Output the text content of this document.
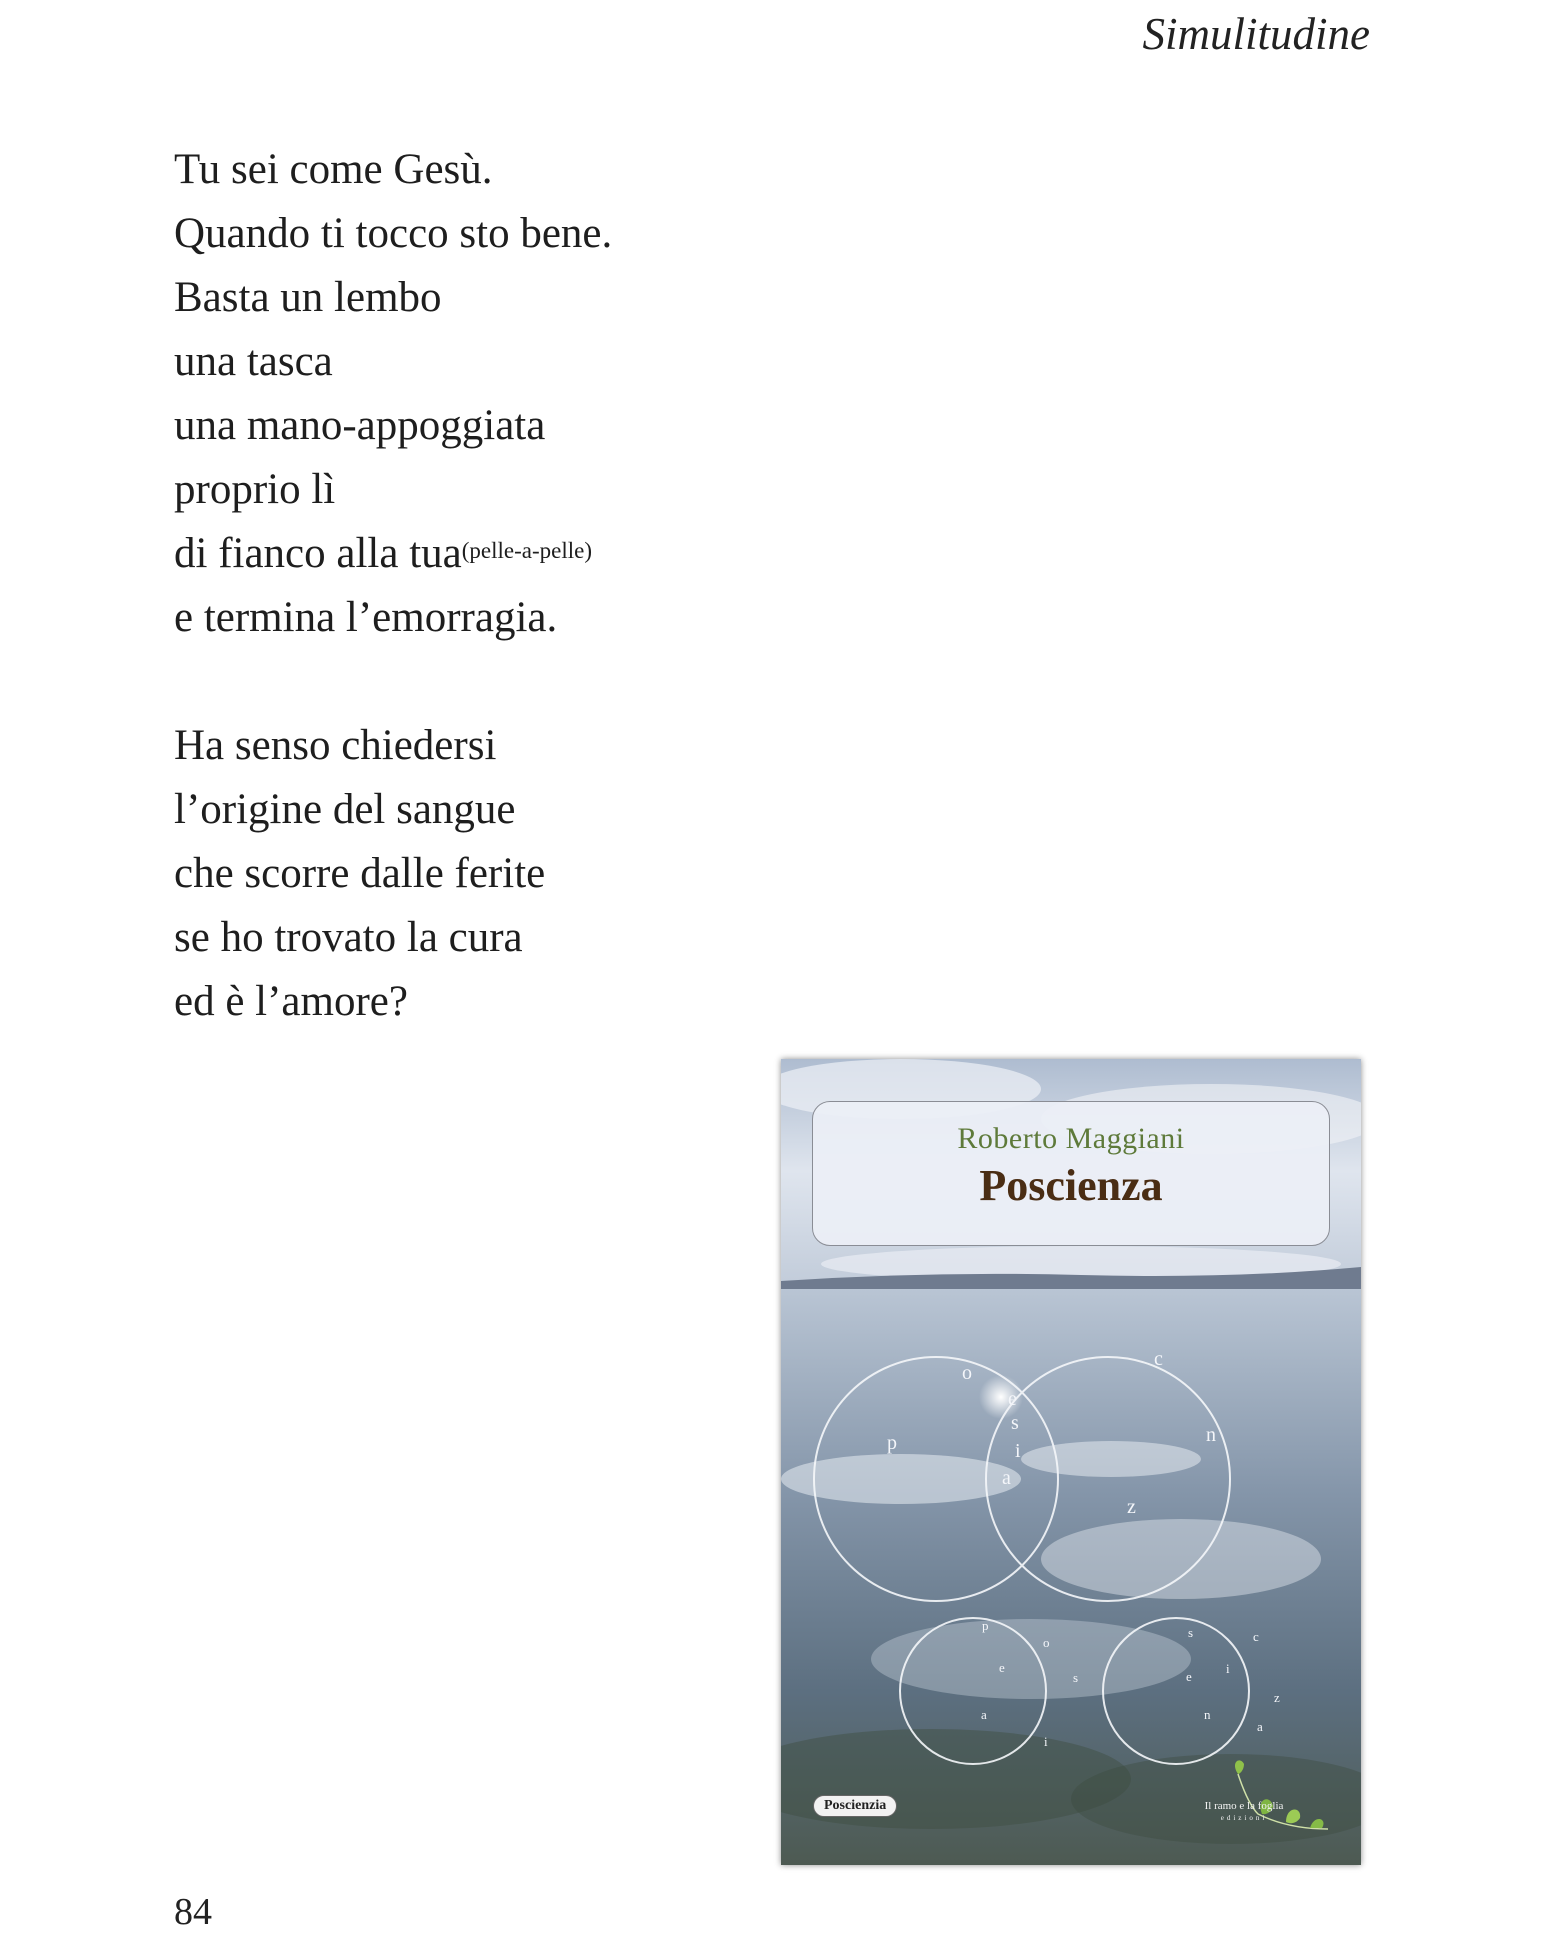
Simulitudine
Tu sei come Gesù.
Quando ti tocco sto bene.
Basta un lembo
una tasca
una mano-appoggiata
proprio lì
di fianco alla tua$^{(pelle-a-pelle)}$
e termina l’emorragia.
Ha senso chiedersi
l’origine del sangue
che scorre dalle ferite
se ho trovato la cura
ed è l’amore?
p
o
e
s
i
a
c
n
z
p
o
e
s
a
i
s	c
e
i
z
n
a
Roberto Maggiani
Poscienza
Poscienzia	Il ramo e la foglia
edizioni
84
